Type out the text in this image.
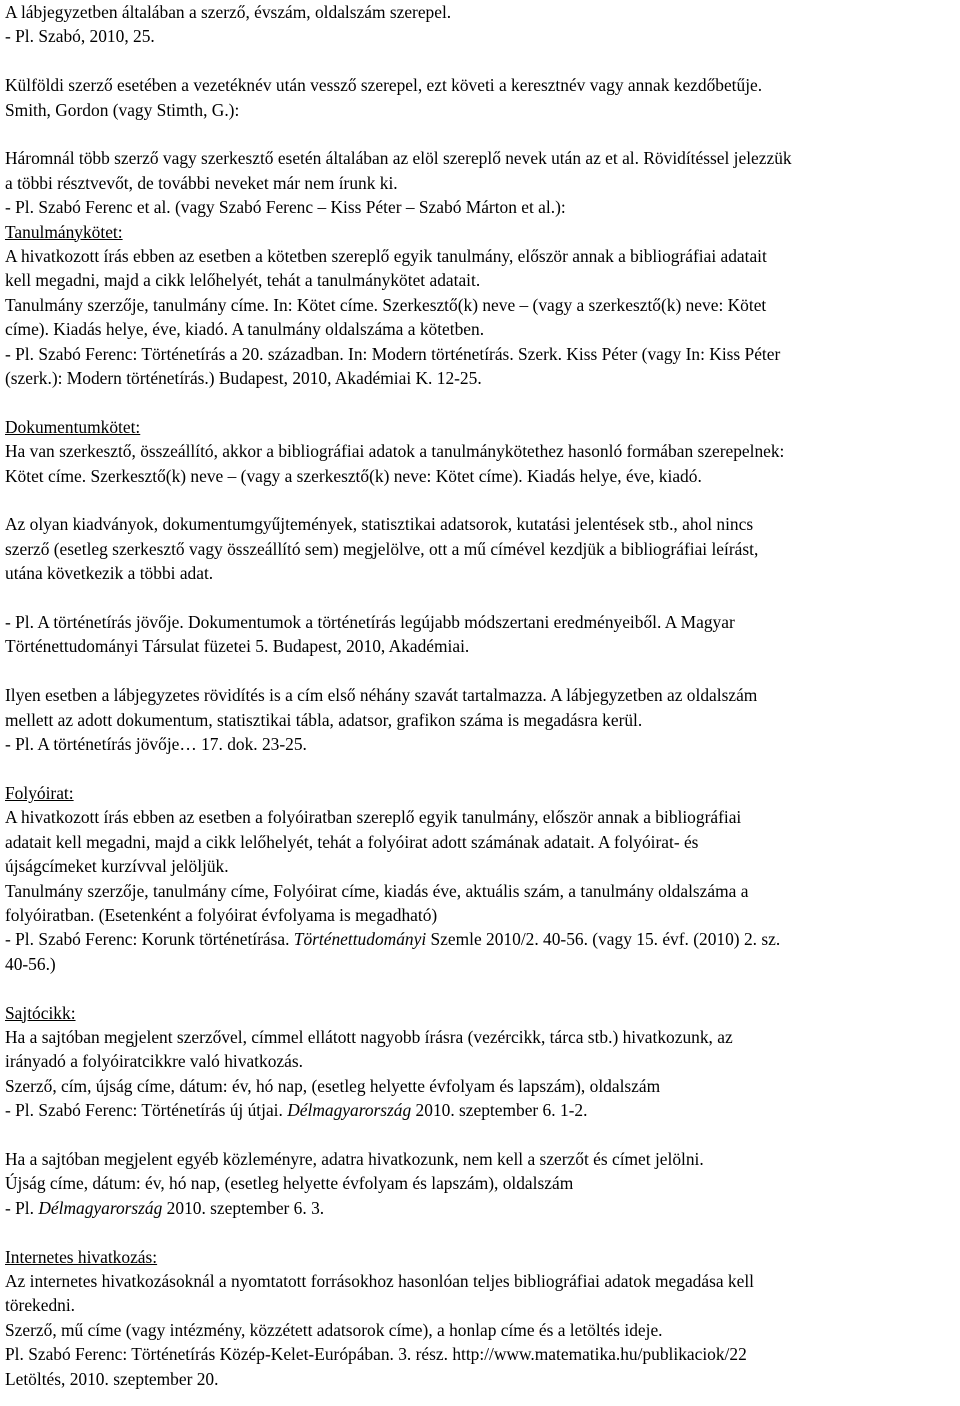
A lábjegyzetben általában a szerző, évszám, oldalszám szerepel.
- Pl. Szabó, 2010, 25.
Külföldi szerző esetében a vezetéknév után vessző szerepel, ezt követi a keresztnév vagy annak kezdőbetűje.
Smith, Gordon (vagy Stimth, G.):
Háromnál több szerző vagy szerkesztő esetén általában az elöl szereplő nevek után az et al. Rövidítéssel jelezzük
a többi résztvevőt, de további neveket már nem írunk ki.
- Pl. Szabó Ferenc et al. (vagy Szabó Ferenc – Kiss Péter – Szabó Márton et al.):
Tanulmánykötet:
A hivatkozott írás ebben az esetben a kötetben szereplő egyik tanulmány, először annak a bibliográfiai adatait
kell megadni, majd a cikk lelőhelyét, tehát a tanulmánykötet adatait.
Tanulmány szerzője, tanulmány címe. In: Kötet címe. Szerkesztő(k) neve – (vagy a szerkesztő(k) neve: Kötet
címe). Kiadás helye, éve, kiadó. A tanulmány oldalszáma a kötetben.
- Pl. Szabó Ferenc: Történetírás a 20. században. In: Modern történetírás. Szerk. Kiss Péter (vagy In: Kiss Péter
(szerk.): Modern történetírás.) Budapest, 2010, Akadémiai K. 12-25.
Dokumentumkötet:
Ha van szerkesztő, összeállító, akkor a bibliográfiai adatok a tanulmánykötethez hasonló formában szerepelnek:
Kötet címe. Szerkesztő(k) neve – (vagy a szerkesztő(k) neve: Kötet címe). Kiadás helye, éve, kiadó.
Az olyan kiadványok, dokumentumgyűjtemények, statisztikai adatsorok, kutatási jelentések stb., ahol nincs
szerző (esetleg szerkesztő vagy összeállító sem) megjelölve, ott a mű címével kezdjük a bibliográfiai leírást,
utána következik a többi adat.
- Pl. A történetírás jövője. Dokumentumok a történetírás legújabb módszertani eredményeiből. A Magyar
Történettudományi Társulat füzetei 5. Budapest, 2010, Akadémiai.
Ilyen esetben a lábjegyzetes rövidítés is a cím első néhány szavát tartalmazza. A lábjegyzetben az oldalszám
mellett az adott dokumentum, statisztikai tábla, adatsor, grafikon száma is megadásra kerül.
- Pl. A történetírás jövője… 17. dok. 23-25.
Folyóirat:
A hivatkozott írás ebben az esetben a folyóiratban szereplő egyik tanulmány, először annak a bibliográfiai
adatait kell megadni, majd a cikk lelőhelyét, tehát a folyóirat adott számának adatait. A folyóirat- és
újságcímeket kurzívval jelöljük.
Tanulmány szerzője, tanulmány címe, Folyóirat címe, kiadás éve, aktuális szám, a tanulmány oldalszáma a
folyóiratban. (Esetenként a folyóirat évfolyama is megadható)
- Pl. Szabó Ferenc: Korunk történetírása. Történettudományi Szemle 2010/2. 40-56. (vagy 15. évf. (2010) 2. sz.
40-56.)
Sajtócikk:
Ha a sajtóban megjelent szerzővel, címmel ellátott nagyobb írásra (vezércikk, tárca stb.) hivatkozunk, az
irányadó a folyóiratcikkre való hivatkozás.
Szerző, cím, újság címe, dátum: év, hó nap, (esetleg helyette évfolyam és lapszám), oldalszám
- Pl. Szabó Ferenc: Történetírás új útjai. Délmagyarország 2010. szeptember 6. 1-2.
Ha a sajtóban megjelent egyéb közleményre, adatra hivatkozunk, nem kell a szerzőt és címet jelölni.
Újság címe, dátum: év, hó nap, (esetleg helyette évfolyam és lapszám), oldalszám
- Pl. Délmagyarország 2010. szeptember 6. 3.
Internetes hivatkozás:
Az internetes hivatkozásoknál a nyomtatott forrásokhoz hasonlóan teljes bibliográfiai adatok megadása kell
törekedni.
Szerző, mű címe (vagy intézmény, közzétett adatsorok címe), a honlap címe és a letöltés ideje.
Pl. Szabó Ferenc: Történetírás Közép-Kelet-Európában. 3. rész. http://www.matematika.hu/publikaciok/22
Letöltés, 2010. szeptember 20.
